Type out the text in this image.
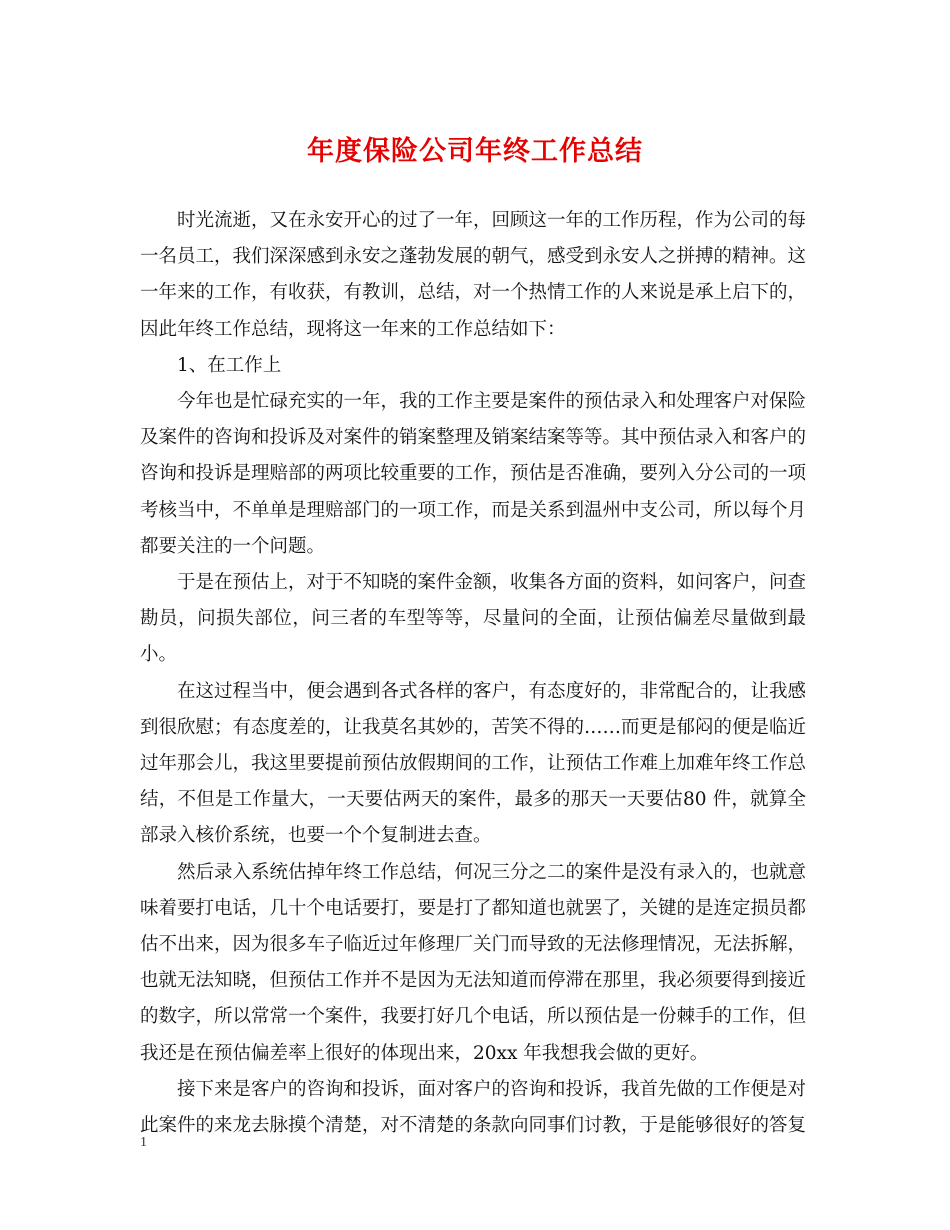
年度保险公司年终工作总结

时光流逝，又在永安开心的过了一年，回顾这一年的工作历程，作为公司的每一名员工，我们深深感到永安之蓬勃发展的朝气，感受到永安人之拼搏的精神。这一年来的工作，有收获，有教训，总结，对一个热情工作的人来说是承上启下的，因此年终工作总结，现将这一年来的工作总结如下：

1、在工作上

今年也是忙碌充实的一年，我的工作主要是案件的预估录入和处理客户对保险及案件的咨询和投诉及对案件的销案整理及销案结案等等。其中预估录入和客户的咨询和投诉是理赔部的两项比较重要的工作，预估是否准确，要列入分公司的一项考核当中，不单单是理赔部门的一项工作，而是关系到温州中支公司，所以每个月都要关注的一个问题。

于是在预估上，对于不知晓的案件金额，收集各方面的资料，如问客户，问查勘员，问损失部位，问三者的车型等等，尽量问的全面，让预估偏差尽量做到最小。

在这过程当中，便会遇到各式各样的客户，有态度好的，非常配合的，让我感到很欣慰；有态度差的，让我莫名其妙的，苦笑不得的……而更是郁闷的便是临近过年那会儿，我这里要提前预估放假期间的工作，让预估工作难上加难年终工作总结，不但是工作量大，一天要估两天的案件，最多的那天一天要估80 件，就算全部录入核价系统，也要一个个复制进去查。

然后录入系统估掉年终工作总结，何况三分之二的案件是没有录入的，也就意味着要打电话，几十个电话要打，要是打了都知道也就罢了，关键的是连定损员都估不出来，因为很多车子临近过年修理厂关门而导致的无法修理情况，无法拆解，也就无法知晓，但预估工作并不是因为无法知道而停滞在那里，我必须要得到接近的数字，所以常常一个案件，我要打好几个电话，所以预估是一份棘手的工作，但我还是在预估偏差率上很好的体现出来，20xx 年我想我会做的更好。

接下来是客户的咨询和投诉，面对客户的咨询和投诉，我首先做的工作便是对此案件的来龙去脉摸个清楚，对不清楚的条款向同事们讨教，于是能够很好的答复

1
